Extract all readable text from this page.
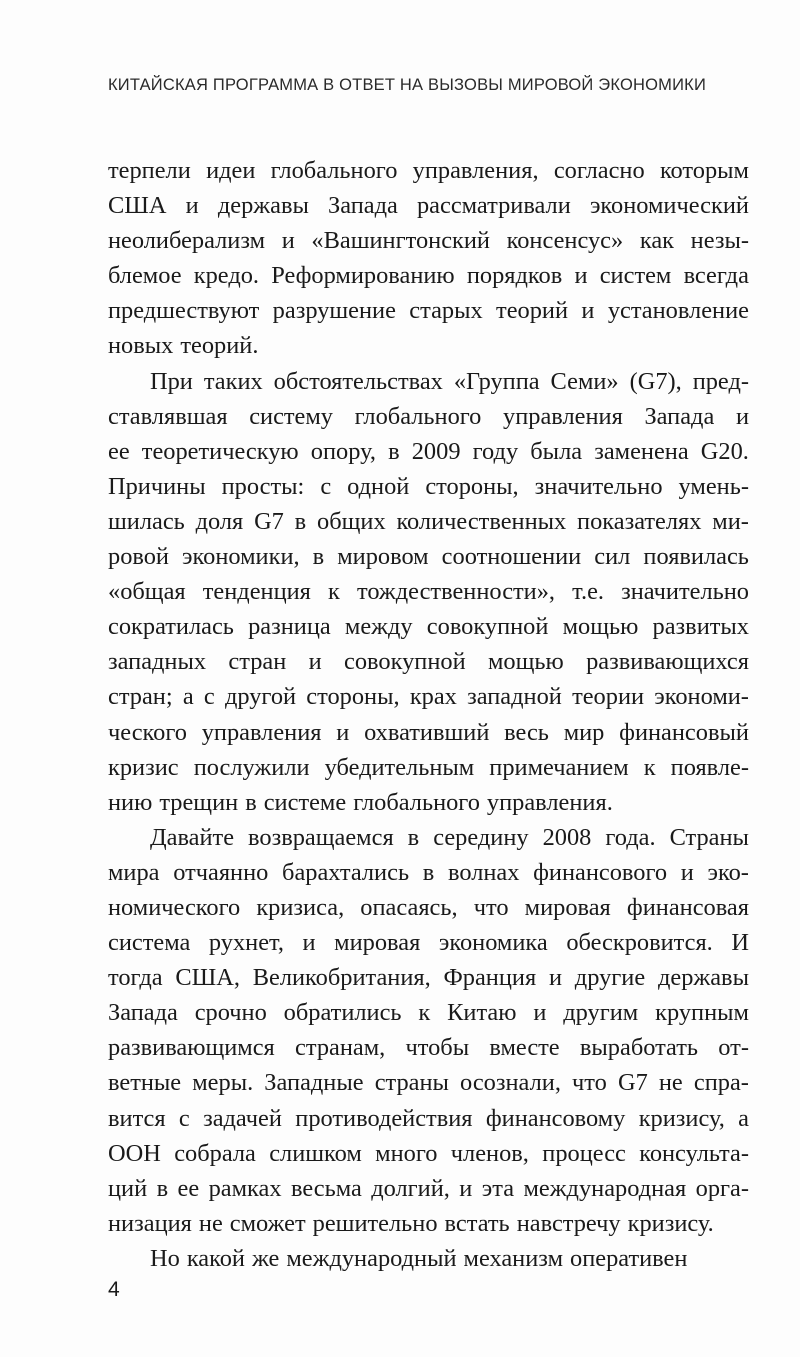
КИТАЙСКАЯ ПРОГРАММА В ОТВЕТ НА ВЫЗОВЫ МИРОВОЙ ЭКОНОМИКИ
терпели идеи глобального управления, согласно которым
США и державы Запада рассматривали экономический
неолиберализм и «Вашингтонский консенсус» как незы-
блемое кредо. Реформированию порядков и систем всегда
предшествуют разрушение старых теорий и установление
новых теорий.
При таких обстоятельствах «Группа Семи» (G7), пред-
ставлявшая систему глобального управления Запада и
ее теоретическую опору, в 2009 году была заменена G20.
Причины просты: с одной стороны, значительно умень-
шилась доля G7 в общих количественных показателях ми-
ровой экономики, в мировом соотношении сил появилась
«общая тенденция к тождественности», т.е. значительно
сократилась разница между совокупной мощью развитых
западных стран и совокупной мощью развивающихся
стран; а с другой стороны, крах западной теории экономи-
ческого управления и охвативший весь мир финансовый
кризис послужили убедительным примечанием к появле-
нию трещин в системе глобального управления.
Давайте возвращаемся в середину 2008 года. Страны
мира отчаянно барахтались в волнах финансового и эко-
номического кризиса, опасаясь, что мировая финансовая
система рухнет, и мировая экономика обескровится. И
тогда США, Великобритания, Франция и другие державы
Запада срочно обратились к Китаю и другим крупным
развивающимся странам, чтобы вместе выработать от-
ветные меры. Западные страны осознали, что G7 не спра-
вится с задачей противодействия финансовому кризису, а
ООН собрала слишком много членов, процесс консульта-
ций в ее рамках весьма долгий, и эта международная орга-
низация не сможет решительно встать навстречу кризису.
Но какой же международный механизм оперативен
4
